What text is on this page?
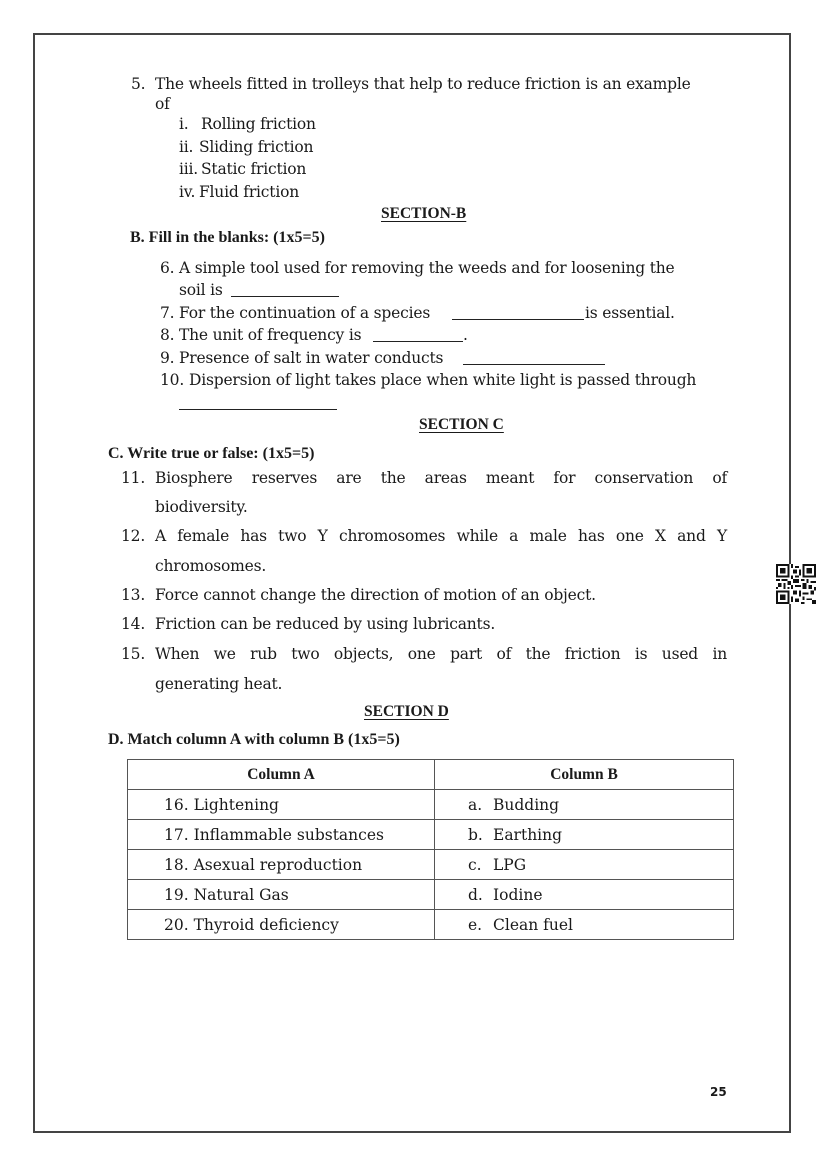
5. The wheels fitted in trolleys that help to reduce friction is an example
of
i. Rolling friction
ii. Sliding friction
iii. Static friction
iv. Fluid friction
SECTION-B
B. Fill in the blanks: (1x5=5)
6. A simple tool used for removing the weeds and for loosening the
soil is
7. For the continuation of a species	is essential.
8. The unit of frequency is	.
9. Presence of salt in water conducts
10. Dispersion of light takes place when white light is passed through
SECTION C
C. Write true or false: (1x5=5)
11. Biosphere reserves are the areas meant for conservation of
biodiversity.
12. A female has two Y chromosomes while a male has one X and Y
chromosomes.
13. Force cannot change the direction of motion of an object.
14. Friction can be reduced by using lubricants.
15. When we rub two objects, one part of the friction is used in
generating heat.
SECTION D
D. Match column A with column B (1x5=5)
Column A	Column B
16. Lightening	a. Budding
17. Inflammable substances	b. Earthing
18. Asexual reproduction	c. LPG
19. Natural Gas	d. Iodine
20. Thyroid deficiency	e. Clean fuel
25
